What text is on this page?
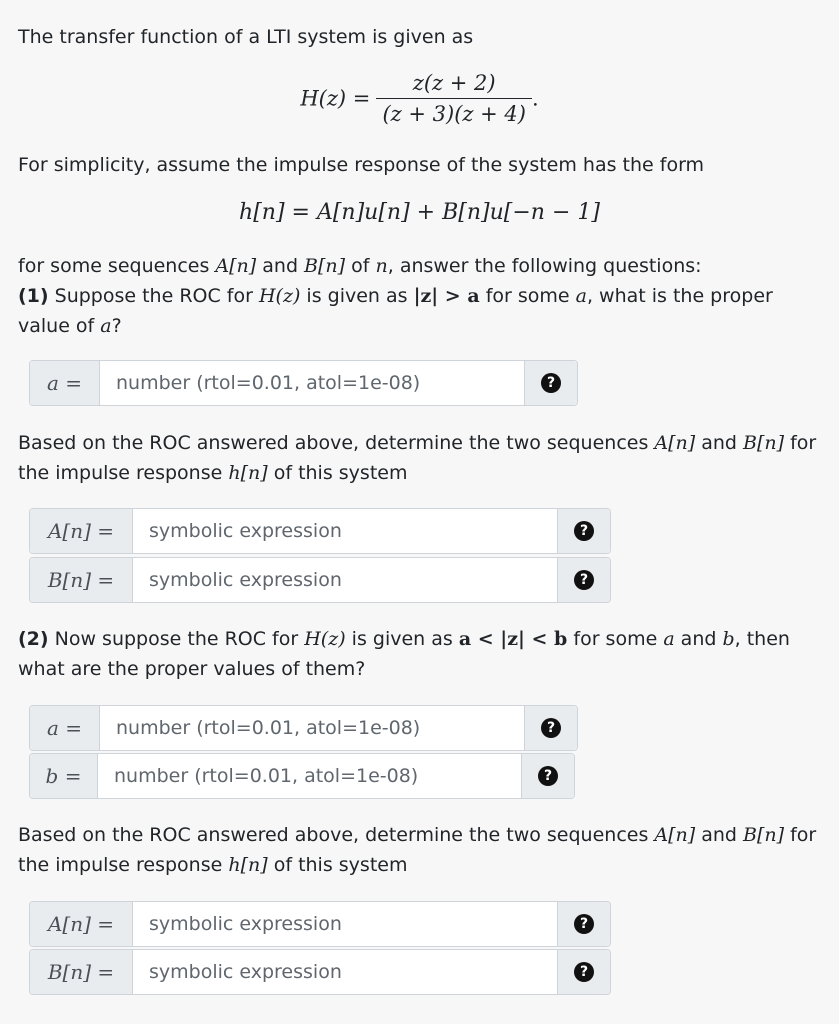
The transfer function of a LTI system is given as
$H(z) = \frac{z(z + 2)}{(z + 3)(z + 4)}$ .
For simplicity, assume the impulse response of the system has the form
h[n] = A[n]u[n] + B[n]u[−n − 1]
for some sequences A[n] and B[n] of n, answer the following questions:
(1) Suppose the ROC for H(z) is given as |z| > a for some a, what is the proper
value of a?
a =
number (rtol=0.01, atol=1e-08)	?
Based on the ROC answered above, determine the two sequences A[n] and B[n] for
the impulse response h[n] of this system
A[n] =
symbolic expression	?
B[n] =
symbolic expression	?
(2) Now suppose the ROC for H(z) is given as a < |z| < b for some a and b, then
what are the proper values of them?
a =
number (rtol=0.01, atol=1e-08)	?
b =
number (rtol=0.01, atol=1e-08)	?
Based on the ROC answered above, determine the two sequences A[n] and B[n] for
the impulse response h[n] of this system
A[n] =
symbolic expression	?
B[n] =
symbolic expression	?
